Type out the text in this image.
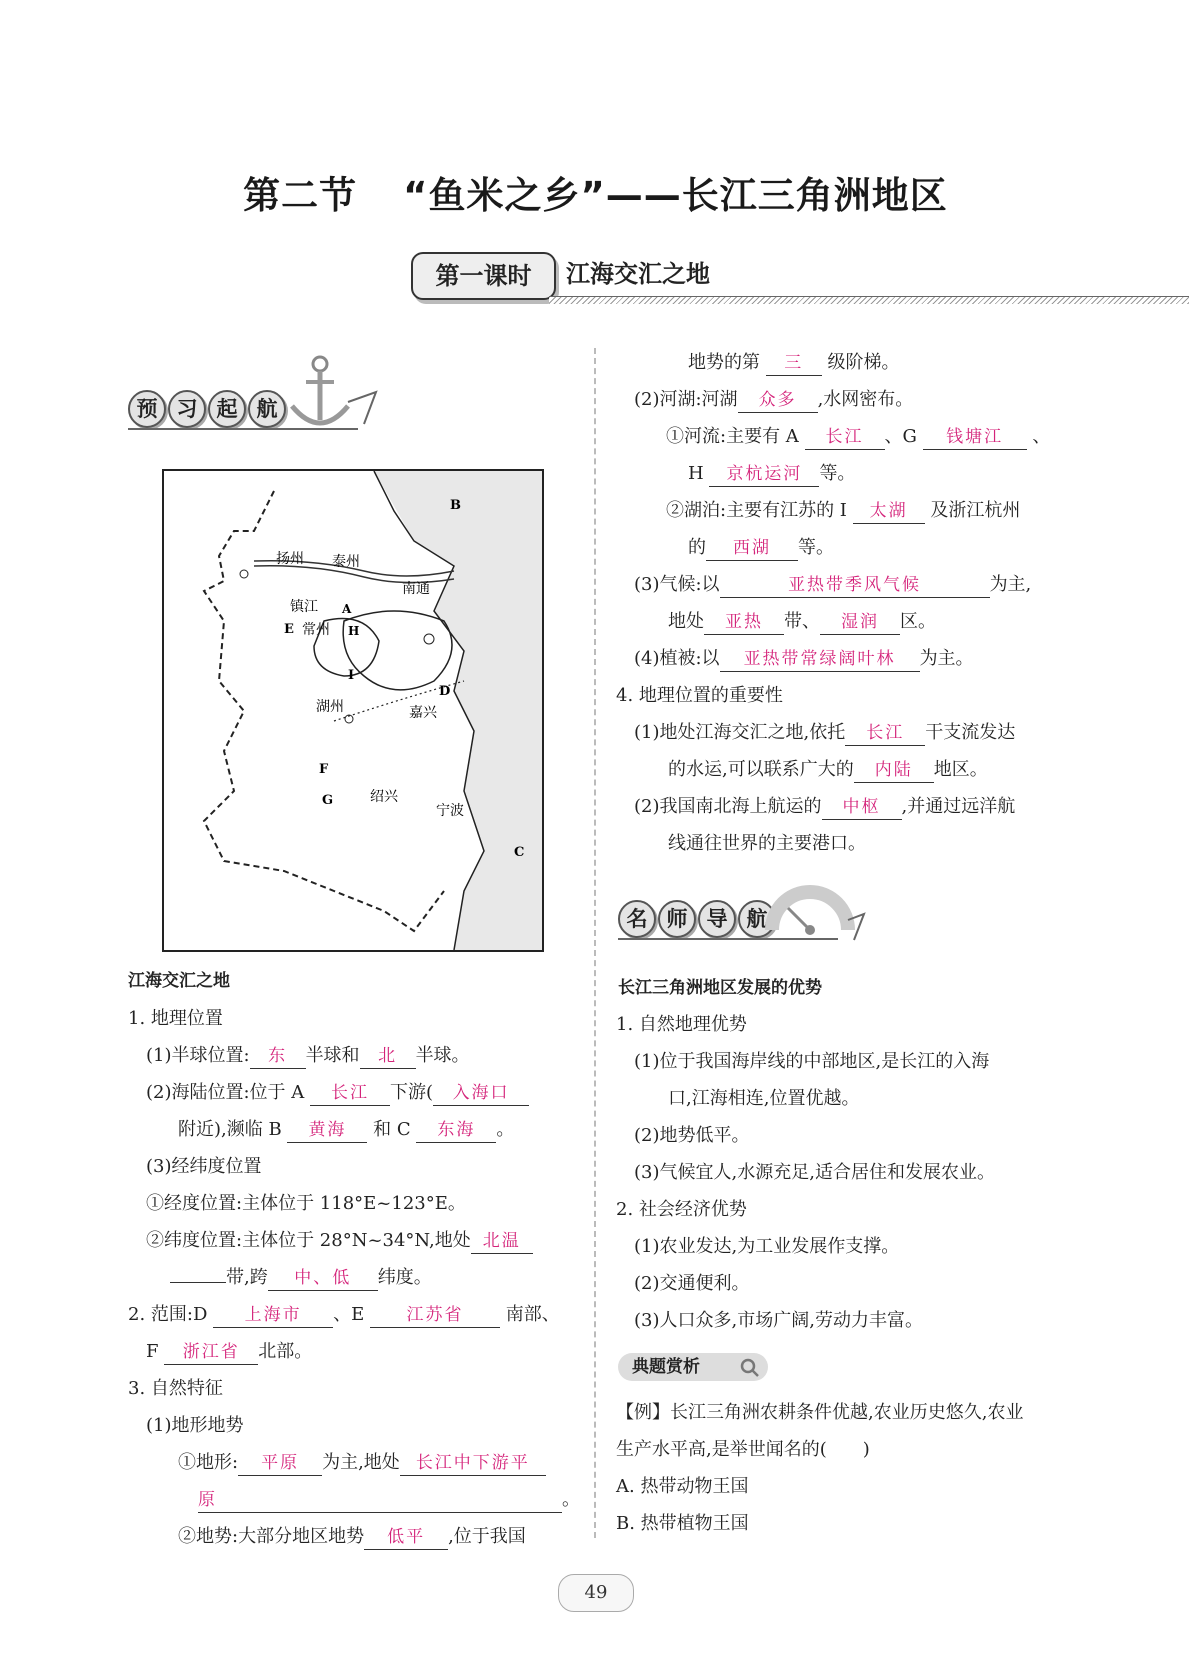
第二节 “鱼米之乡”——长江三角洲地区
第一课时	江海交汇之地
预 习 起 航
B
扬州 泰州
南通
镇江 A
E 常州 H
I
D
湖州	嘉兴
F
G	绍兴
宁波
C
江海交汇之地
1. 地理位置
(1)半球位置: 东 半球和 北 半球。
(2)海陆位置:位于 A 长江 下游( 入海口
附近),濒临 B 黄海 和 C 东海 。
(3)经纬度位置
①经度位置:主体位于 118°E~123°E。
②纬度位置:主体位于 28°N~34°N,地处 北温
带,跨 中、低 纬度。
2. 范围:D 上海市 、E 江苏省 南部、
F 浙江省 北部。
3. 自然特征
(1)地形地势
①地形: 平原 为主,地处 长江中下游平
原	。
②地势:大部分地区地势 低平 ,位于我国
地势的第 三 级阶梯。
(2)河湖:河湖 众多 ,水网密布。
①河流:主要有 A 长江 、G 钱塘江 、
H 京杭运河 等。
②湖泊:主要有江苏的 I 太湖 及浙江杭州
的 西湖 等。
(3)气候:以	亚热带季风气候	为主,
地处 亚热 带、 湿润 区。
(4)植被:以 亚热带常绿阔叶林 为主。
4. 地理位置的重要性
(1)地处江海交汇之地,依托 长江 干支流发达
的水运,可以联系广大的 内陆 地区。
(2)我国南北海上航运的 中枢 ,并通过远洋航
线通往世界的主要港口。
名 师 导 航
长江三角洲地区发展的优势
1. 自然地理优势
(1)位于我国海岸线的中部地区,是长江的入海
口,江海相连,位置优越。
(2)地势低平。
(3)气候宜人,水源充足,适合居住和发展农业。
2. 社会经济优势
(1)农业发达,为工业发展作支撑。
(2)交通便利。
(3)人口众多,市场广阔,劳动力丰富。
典题赏析
【例】长江三角洲农耕条件优越,农业历史悠久,农业
生产水平高,是举世闻名的(　　)
A. 热带动物王国
B. 热带植物王国
49
